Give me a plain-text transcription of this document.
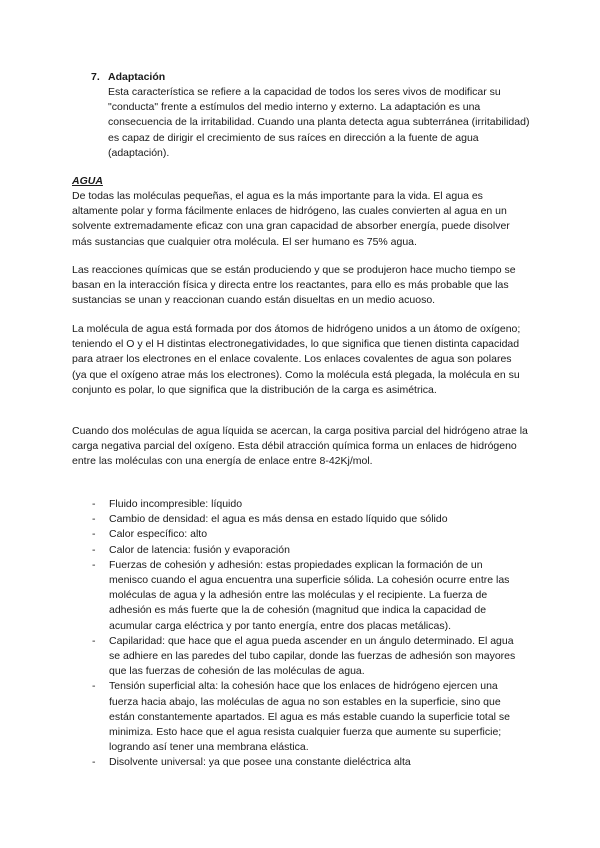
7. Adaptación

Esta característica se refiere a la capacidad de todos los seres vivos de modificar su "conducta" frente a estímulos del medio interno y externo. La adaptación es una consecuencia de la irritabilidad. Cuando una planta detecta agua subterránea (irritabilidad) es capaz de dirigir el crecimiento de sus raíces en dirección a la fuente de agua (adaptación).

AGUA

De todas las moléculas pequeñas, el agua es la más importante para la vida. El agua es altamente polar y forma fácilmente enlaces de hidrógeno, las cuales convierten al agua en un solvente extremadamente eficaz con una gran capacidad de absorber energía, puede disolver más sustancias que cualquier otra molécula. El ser humano es 75% agua.

Las reacciones químicas que se están produciendo y que se produjeron hace mucho tiempo se basan en la interacción física y directa entre los reactantes, para ello es más probable que las sustancias se unan y reaccionan cuando están disueltas en un medio acuoso.

La molécula de agua está formada por dos átomos de hidrógeno unidos a un átomo de oxígeno; teniendo el O y el H distintas electronegatividades, lo que significa que tienen distinta capacidad para atraer los electrones en el enlace covalente. Los enlaces covalentes de agua son polares (ya que el oxígeno atrae más los electrones). Como la molécula está plegada, la molécula en su conjunto es polar, lo que significa que la distribución de la carga es asimétrica.

Cuando dos moléculas de agua líquida se acercan, la carga positiva parcial del hidrógeno atrae la carga negativa parcial del oxígeno. Esta débil atracción química forma un enlaces de hidrógeno entre las moléculas con una energía de enlace entre 8-42Kj/mol.

-	Fluido incompresible: líquido
-	Cambio de densidad: el agua es más densa en estado líquido que sólido
-	Calor específico: alto
-	Calor de latencia: fusión y evaporación
-	Fuerzas de cohesión y adhesión: estas propiedades explican la formación de un menisco cuando el agua encuentra una superficie sólida. La cohesión ocurre entre las moléculas de agua y la adhesión entre las moléculas y el recipiente. La fuerza de adhesión es más fuerte que la de cohesión (magnitud que indica la capacidad de acumular carga eléctrica y por tanto energía, entre dos placas metálicas).
-	Capilaridad: que hace que el agua pueda ascender en un ángulo determinado. El agua se adhiere en las paredes del tubo capilar, donde las fuerzas de adhesión son mayores que las fuerzas de cohesión de las moléculas de agua.
-	Tensión superficial alta: la cohesión hace que los enlaces de hidrógeno ejercen una fuerza hacia abajo, las moléculas de agua no son estables en la superficie, sino que están constantemente apartados. El agua es más estable cuando la superficie total se minimiza. Esto hace que el agua resista cualquier fuerza que aumente su superficie; logrando así tener una membrana elástica.
-	Disolvente universal: ya que posee una constante dieléctrica alta
